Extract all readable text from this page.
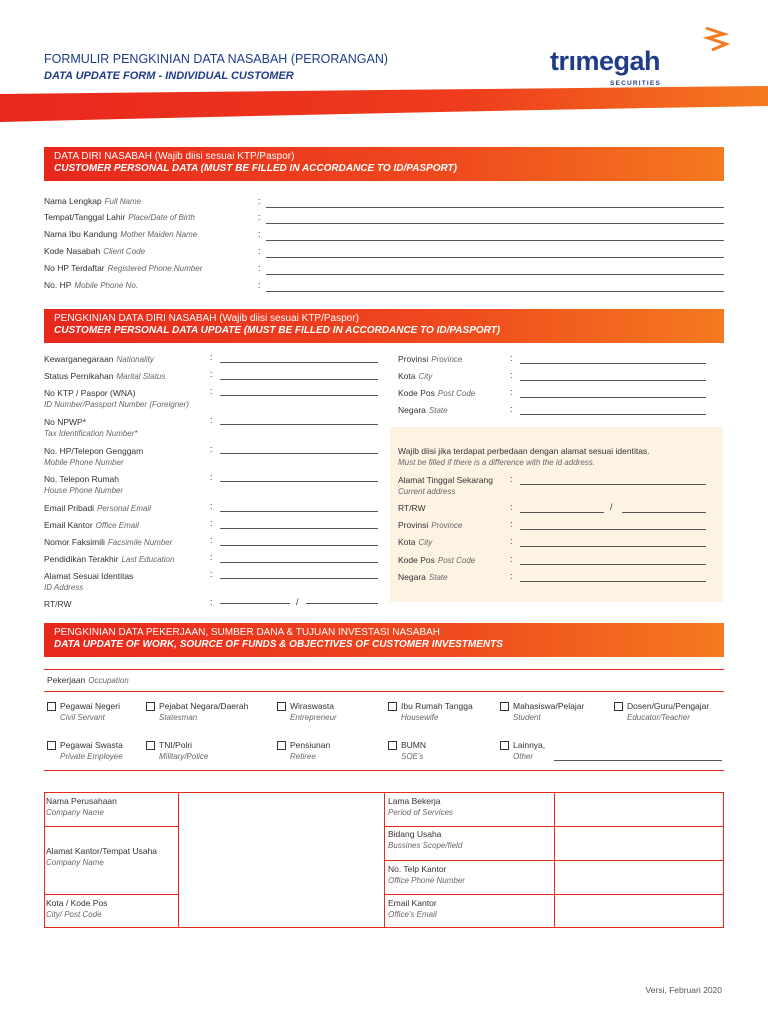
FORMULIR PENGKINIAN DATA NASABAH (PERORANGAN)
DATA UPDATE FORM - INDIVIDUAL CUSTOMER	trımegah
SECURITIES
DATA DIRI NASABAH (Wajib diisi sesuai KTP/Paspor)
CUSTOMER PERSONAL DATA (MUST BE FILLED IN ACCORDANCE TO ID/PASPORT)
Nama Lengkap Full Name	:
Tempat/Tanggal Lahir Place/Date of Birth	:
Nama Ibu Kandung Mother Maiden Name	:
Kode Nasabah Client Code	:
No HP Terdaftar Registered Phone Number	:
No. HP Mobile Phone No.	:
PENGKINIAN DATA DIRI NASABAH (Wajib diisi sesuai KTP/Paspor)
CUSTOMER PERSONAL DATA UPDATE (MUST BE FILLED IN ACCORDANCE TO ID/PASPORT)
Wajib diisi jika terdapat perbedaan dengan alamat sesuai identitas.
Must be filled if there is a difference with the id address.
Kewarganegaraan Nationality	:
Status Pernikahan Marital Status	:
No KTP / Paspor (WNA)
ID Number/Passport Number (Foreigner)
:
No NPWP*
Tax Identification Number*
:
No. HP/Telepon Genggam
Mobile Phone Number
:
No. Telepon Rumah
House Phone Number
:
Email Pribadi Personal Email	:
Email Kantor Office Email	:
Nomor Faksimili Facsimile Number	:
Pendidikan Terakhir Last Education	:
Alamat Sesuai Identitas
ID Address
:
RT/RW	:	/
Provinsi Province	:
Kota City	:
Kode Pos Post Code	:
Negara State	:
Alamat Tinggal Sekarang
Current address
:
RT/RW	:	/
Provinsi Province	:
Kota City	:
Kode Pos Post Code	:
Negara State	:
PENGKINIAN DATA PEKERJAAN, SUMBER DANA & TUJUAN INVESTASI NASABAH
DATA UPDATE OF WORK, SOURCE OF FUNDS & OBJECTIVES OF CUSTOMER INVESTMENTS
Pekerjaan Occupation
Pegawai Negeri
Civil Servant
Pejabat Negara/Daerah
Statesman
Wiraswasta
Entrepreneur
Ibu Rumah Tangga
Housewife
Mahasiswa/Pelajar
Student
Dosen/Guru/Pengajar
Educator/Teacher
Pegawai Swasta
Private Employee
TNI/Polri
Military/Police
Pensiunan
Retiree
BUMN
SOE's
Lainnya,
Other
Nama Perusahaan
Company Name
Alamat Kantor/Tempat Usaha
Company Name
Kota / Kode Pos
City/ Post Code
Lama Bekerja
Period of Services
Bidang Usaha
Bussines Scope/field
No. Telp Kantor
Office Phone Number
Email Kantor
Office's Email
Versi, Februari 2020
